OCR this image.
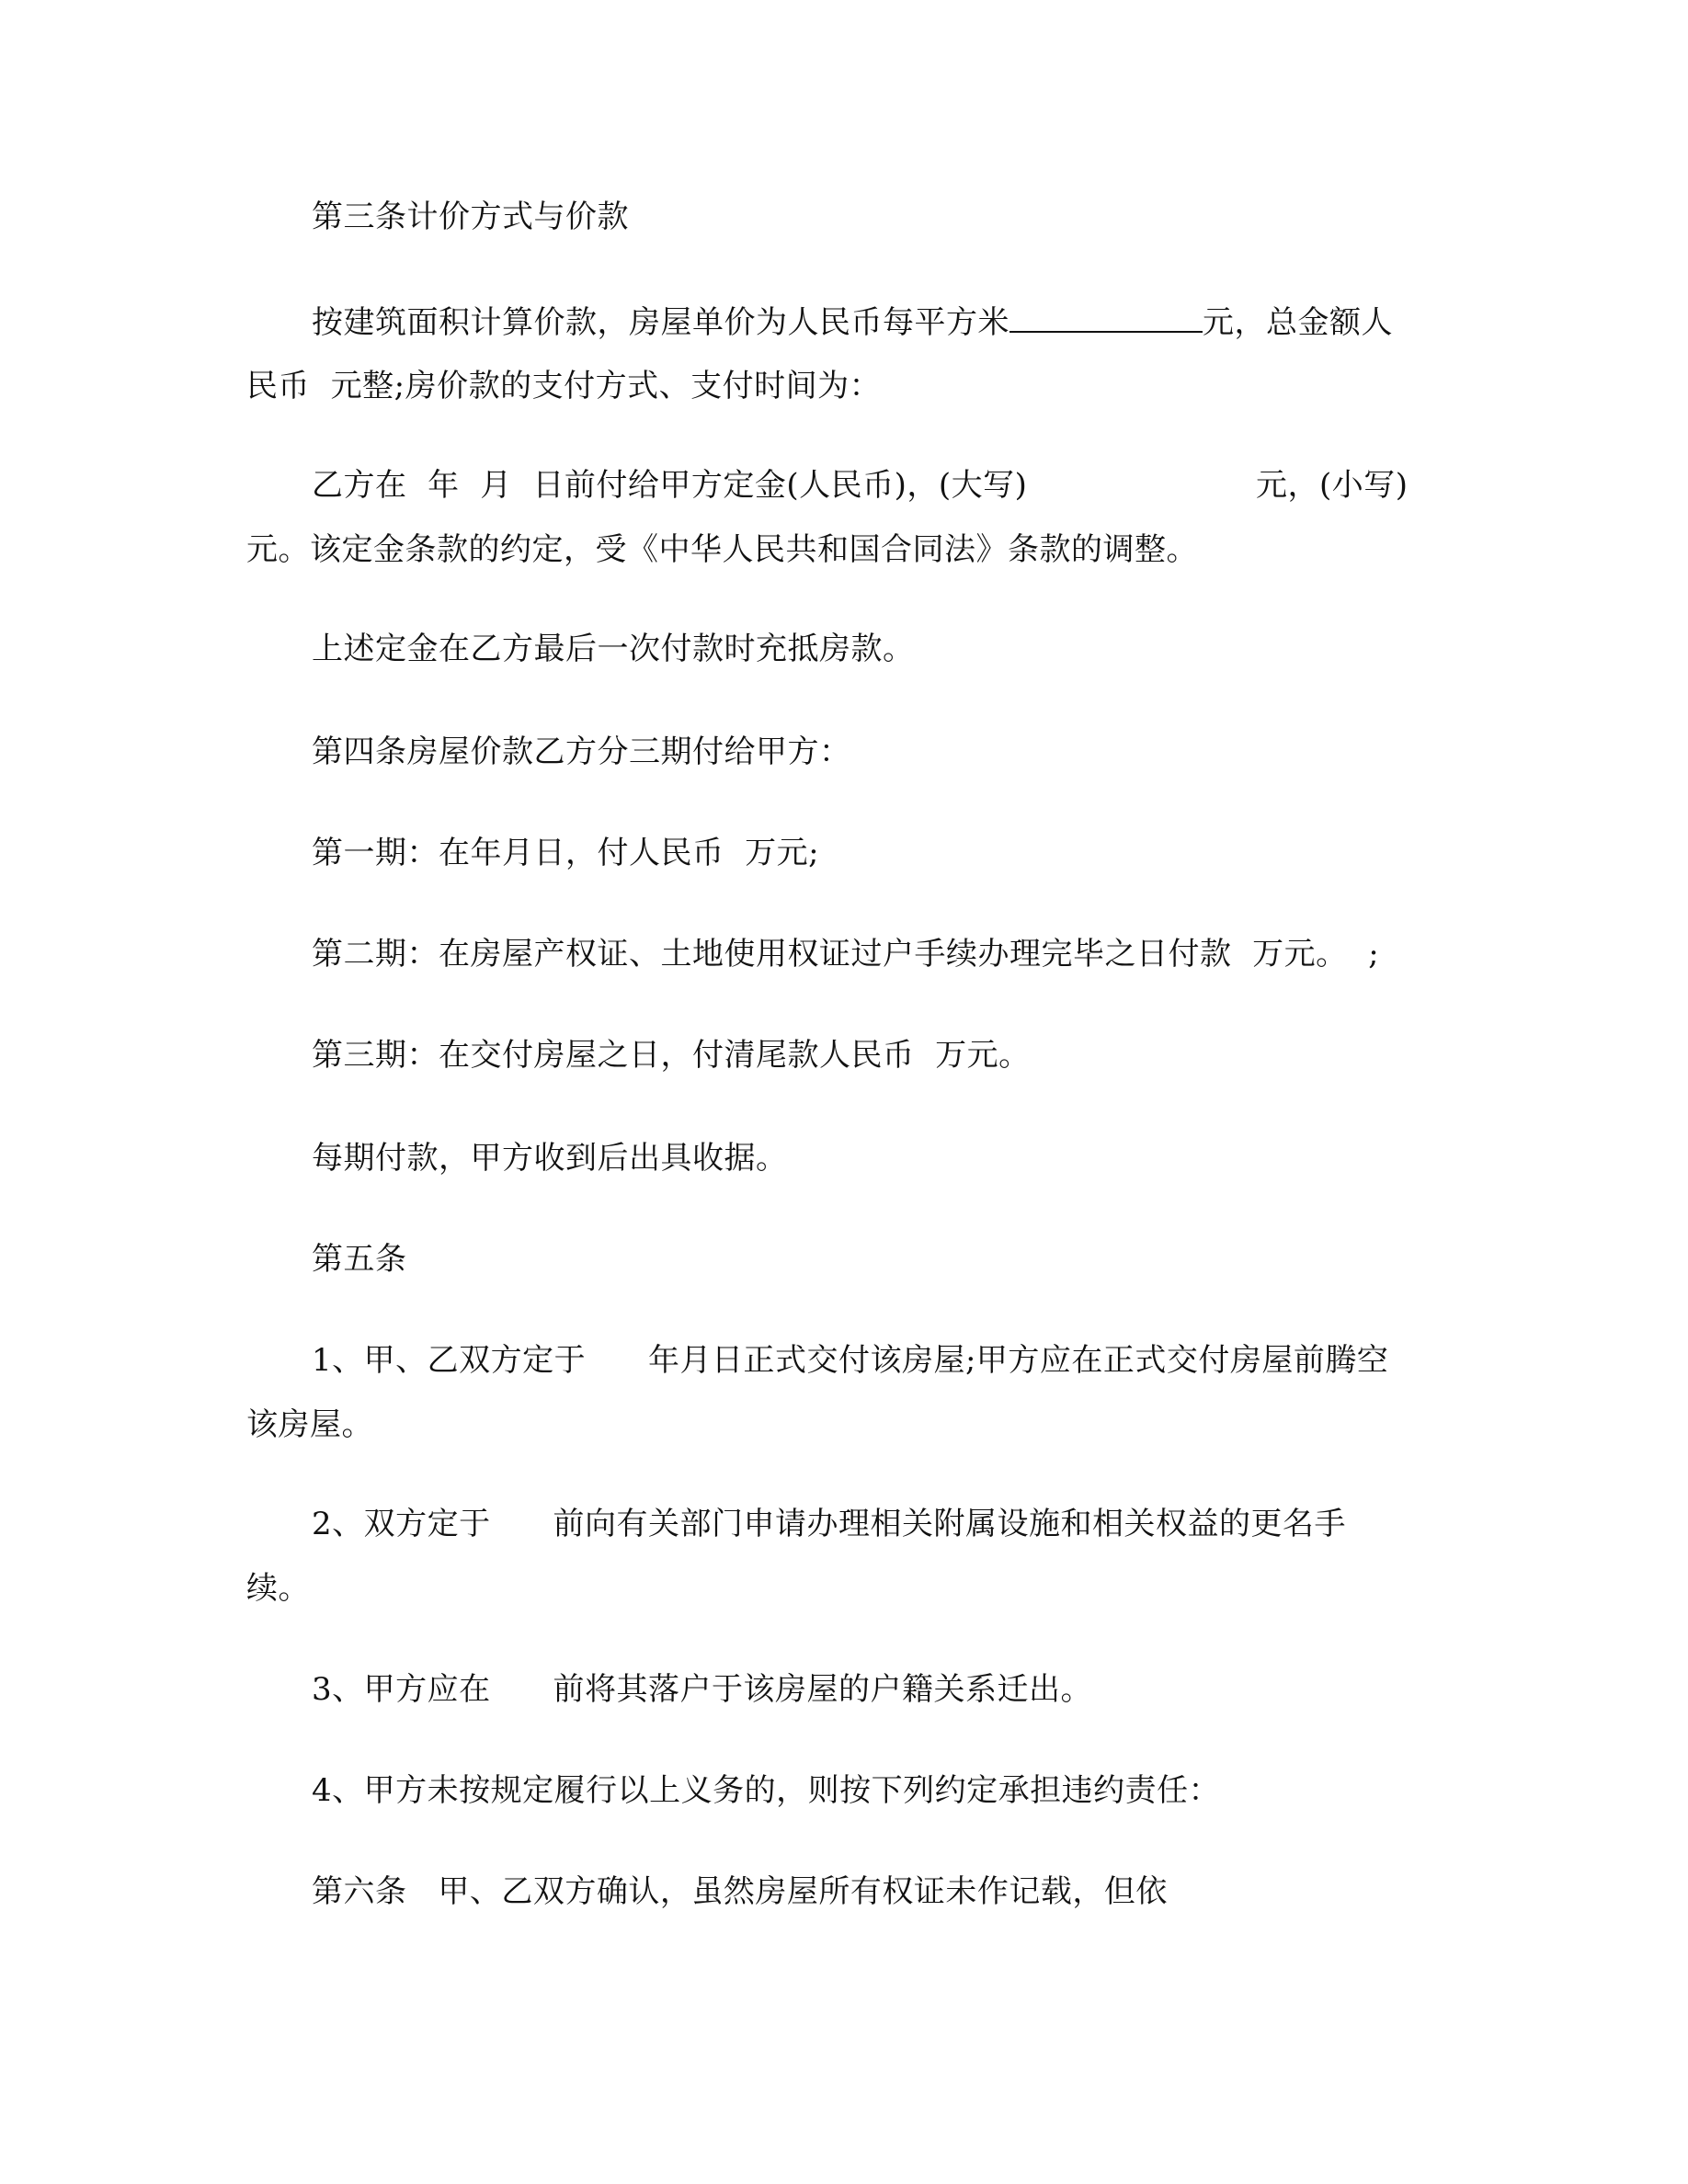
第三条计价方式与价款
按建筑面积计算价款，房屋单价为人民币每平方米	元，总金额人
民币  元整;房价款的支付方式、支付时间为：
乙方在  年  月  日前付给甲方定金(人民币)，(大写)	元，(小写)
元。该定金条款的约定，受《中华人民共和国合同法》条款的调整。
上述定金在乙方最后一次付款时充抵房款。
第四条房屋价款乙方分三期付给甲方：
第一期：在年月日，付人民币  万元;
第二期：在房屋产权证、土地使用权证过户手续办理完毕之日付款  万元。  ;
第三期：在交付房屋之日，付清尾款人民币  万元。
每期付款，甲方收到后出具收据。
第五条
1、甲、乙双方定于      年月日正式交付该房屋;甲方应在正式交付房屋前腾空
该房屋。
2、双方定于      前向有关部门申请办理相关附属设施和相关权益的更名手
续。
3、甲方应在      前将其落户于该房屋的户籍关系迁出。
4、甲方未按规定履行以上义务的，则按下列约定承担违约责任：
第六条   甲、乙双方确认，虽然房屋所有权证未作记载，但依
